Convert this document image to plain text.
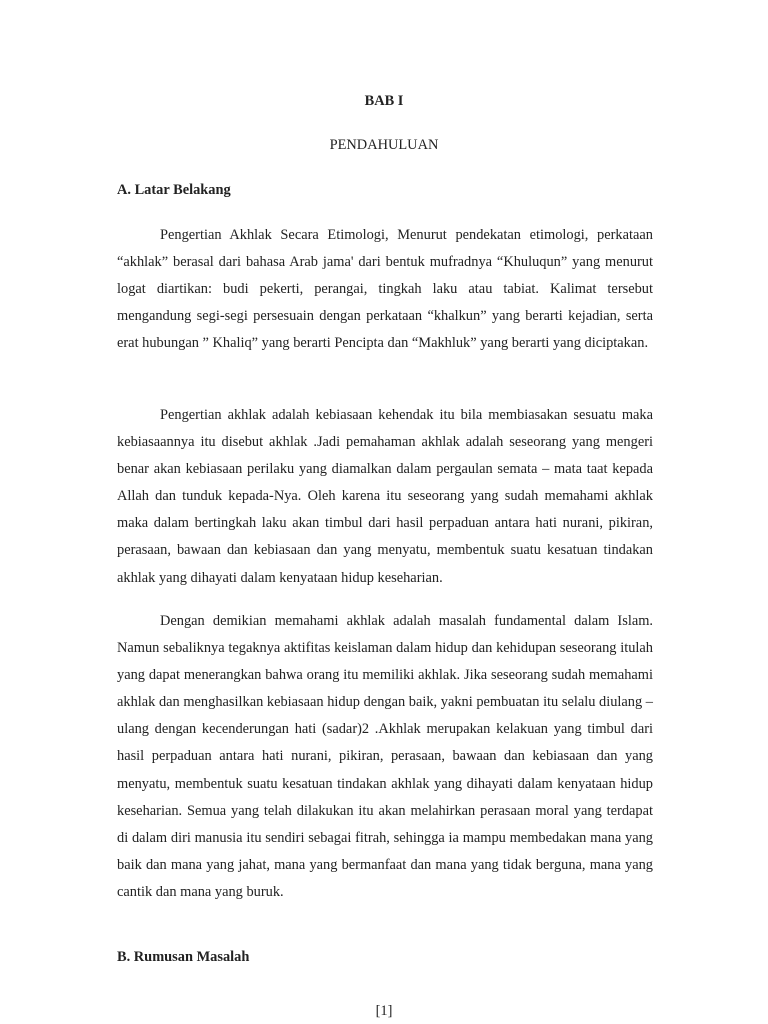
BAB I
PENDAHULUAN
A. Latar Belakang

Pengertian Akhlak Secara Etimologi, Menurut pendekatan etimologi, perkataan “akhlak” berasal dari bahasa Arab jama' dari bentuk mufradnya “Khuluqun” yang menurut logat diartikan: budi pekerti, perangai, tingkah laku atau tabiat. Kalimat tersebut mengandung segi-segi persesuain dengan perkataan “khalkun” yang berarti kejadian, serta erat hubungan ” Khaliq” yang berarti Pencipta dan “Makhluk” yang berarti yang diciptakan.

Pengertian akhlak adalah kebiasaan kehendak itu bila membiasakan sesuatu maka kebiasaannya itu disebut akhlak .Jadi pemahaman akhlak adalah seseorang yang mengeri benar akan kebiasaan perilaku yang diamalkan dalam pergaulan semata – mata taat kepada Allah dan tunduk kepada-Nya. Oleh karena itu seseorang yang sudah memahami akhlak maka dalam bertingkah laku akan timbul dari hasil perpaduan antara hati nurani, pikiran, perasaan, bawaan dan kebiasaan dan yang menyatu, membentuk suatu kesatuan tindakan akhlak yang dihayati dalam kenyataan hidup keseharian.

Dengan demikian memahami akhlak adalah masalah fundamental dalam Islam. Namun sebaliknya tegaknya aktifitas keislaman dalam hidup dan kehidupan seseorang itulah yang dapat menerangkan bahwa orang itu memiliki akhlak. Jika seseorang sudah memahami akhlak dan menghasilkan kebiasaan hidup dengan baik, yakni pembuatan itu selalu diulang – ulang dengan kecenderungan hati (sadar)2 .Akhlak merupakan kelakuan yang timbul dari hasil perpaduan antara hati nurani, pikiran, perasaan, bawaan dan kebiasaan dan yang menyatu, membentuk suatu kesatuan tindakan akhlak yang dihayati dalam kenyataan hidup keseharian. Semua yang telah dilakukan itu akan melahirkan perasaan moral yang terdapat di dalam diri manusia itu sendiri sebagai fitrah, sehingga ia mampu membedakan mana yang baik dan mana yang jahat, mana yang bermanfaat dan mana yang tidak berguna, mana yang cantik dan mana yang buruk.

B. Rumusan Masalah
[1]
